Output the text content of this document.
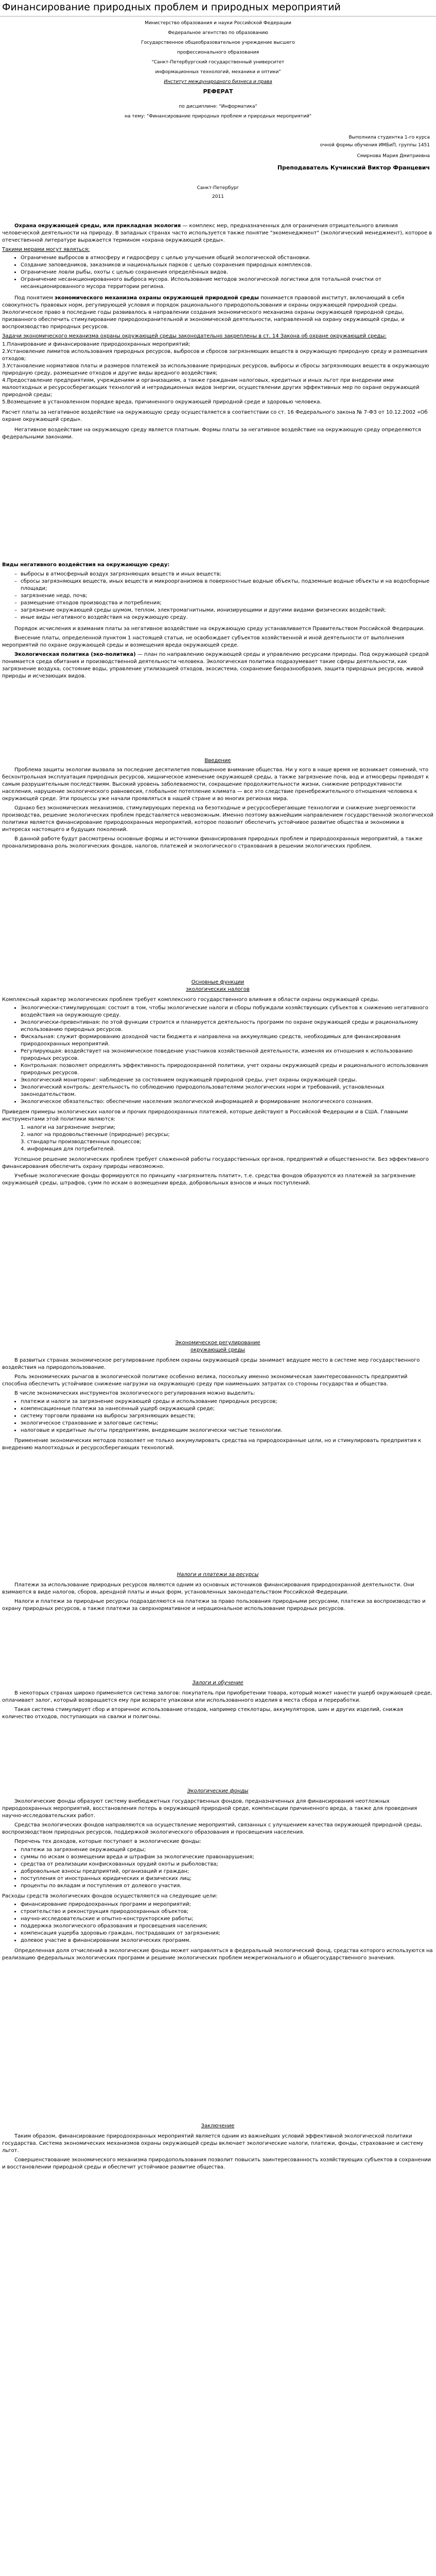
Финансирование природных проблем и природных мероприятий

Министерство образования и науки Российской Федерации

Федеральное агентство по образованию

Государственное общеобразовательное учреждение высшего

профессионального образования

"Санкт-Петербургский государственный университет

информационных технологий, механики и оптики"

Институт международного бизнеса и права

РЕФЕРАТ

по дисциплине: "Информатика"

на тему: "Финансирование природных проблем и природных мероприятий"

Выполнила студентка 1-го курса

очной формы обучения ИМБиП, группы 1451

Смирнова Мария Дмитриевна

Преподаватель Кучинский Виктор Францевич

Санкт-Петербург

2011

Охрана окружающей среды, или прикладная экология — комплекс мер, предназначенных для ограничения отрицательного влияния человеческой деятельности на природу. В западных странах часто используется также понятие "экоменеджмент" (экологический менеджмент), которое в отечественной литературе выражается термином «охрана окружающей среды».

Такими мерами могут являться:

• Ограничение выбросов в атмосферу и гидросферу с целью улучшения общей экологической обстановки.
• Создание заповедников, заказников и национальных парков с целью сохранения природных комплексов.
• Ограничение ловли рыбы, охоты с целью сохранения определённых видов.
• Ограничение несанкционированного выброса мусора. Использование методов экологической логистики для тотальной очистки от несанкционированного мусора территории региона.

Под понятием экономического механизма охраны окружающей природной среды понимается правовой институт, включающий в себя совокупность правовых норм, регулирующей условия и порядок рационального природопользования и охраны окружающей природной среды. Экологическое право в последние годы развивалось в направлении создания экономического механизма охраны окружающей природной среды, призванного обеспечить стимулирование природоохранительной и экономической деятельности, направленной на охрану окружающей среды, и воспроизводство природных ресурсов.

Задачи экономического механизма охраны окружающей среды законодательно закреплены в ст. 14 Закона об охране окружающей среды:

1.Планирование и финансирование природоохранных мероприятий;

2.Установление лимитов использования природных ресурсов, выбросов и сбросов загрязняющих веществ в окружающую природную среду и размещения отходов;

3.Установление нормативов платы и размеров платежей за использование природных ресурсов, выбросы и сбросы загрязняющих веществ в окружающую природную среду, размещение отходов и другие виды вредного воздействия;

4.Предоставление предприятиям, учреждениям и организациям, а также гражданам налоговых, кредитных и иных льгот при внедрении ими малоотходных и ресурсосберегающих технологий и нетрадиционных видов энергии, осуществлении других эффективных мер по охране окружающей природной среды;

5.Возмещение в установленном порядке вреда, причиненного окружающей природной среде и здоровью человека.

Расчет платы за негативное воздействие на окружающую среду осуществляется в соответствии со ст. 16 Федерального закона № 7-ФЗ от 10.12.2002 «Об охране окружающей среды».

Негативное воздействие на окружающую среду является платным. Формы платы за негативное воздействие на окружающую среду определяются федеральными законами.

Виды негативного воздействия на окружающую среду:

– выбросы в атмосферный воздух загрязняющих веществ и иных веществ;
– сбросы загрязняющих веществ, иных веществ и микроорганизмов в поверхностные водные объекты, подземные водные объекты и на водосборные площади;
– загрязнение недр, почв;
– размещение отходов производства и потребления;
– загрязнение окружающей среды шумом, теплом, электромагнитными, ионизирующими и другими видами физических воздействий;
– иные виды негативного воздействия на окружающую среду.

Порядок исчисления и взимания платы за негативное воздействие на окружающую среду устанавливается Правительством Российской Федерации.

Внесение платы, определенной пунктом 1 настоящей статьи, не освобождает субъектов хозяйственной и иной деятельности от выполнения мероприятий по охране окружающей среды и возмещения вреда окружающей среде.

Экологическая политика (эко-политика) — план по направлению окружающей среды и управлению ресурсами природы. Под окружающей средой понимается среда обитания и производственной деятельности человека. Экологическая политика подразумевает такие сферы деятельности, как загрязнение воздуха, состояние воды, управление утилизацией отходов, экосистема, сохранение биоразнообразия, защита природных ресурсов, живой природы и исчезающих видов.

Введение

Проблема защиты экологии вызвала за последние десятилетия повышенное внимание общества. Ни у кого в наше время не возникает сомнений, что бесконтрольная эксплуатация природных ресурсов, хищническое изменение окружающей среды, а также загрязнение почв, вод и атмосферы приводят к самым разрушительным последствиям. Высокий уровень заболеваемости, сокращение продолжительности жизни, снижение репродуктивности населения, нарушение экологического равновесия, глобальное потепление климата — все это следствие пренебрежительного отношения человека к окружающей среде. Эти процессы уже начали проявляться в нашей стране и во многих регионах мира.

Однако без экономических механизмов, стимулирующих переход на безотходные и ресурсосберегающие технологии и снижение энергоемкости производства, решение экологических проблем представляется невозможным. Именно поэтому важнейшим направлением государственной экологической политики является финансирование природоохранных мероприятий, которое позволит обеспечить устойчивое развитие общества и экономики в интересах настоящего и будущих поколений.

В данной работе будут рассмотрены основные формы и источники финансирования природных проблем и природоохранных мероприятий, а также проанализирована роль экологических фондов, налогов, платежей и экологического страхования в решении экологических проблем.

Основные функции

экологических налогов

Комплексный характер экологических проблем требует комплексного государственного влияния в области охраны окружающей среды.

• Экологически-стимулирующая: состоит в том, чтобы экологические налоги и сборы побуждали хозяйствующих субъектов к снижению негативного воздействия на окружающую среду.
• Экологически-превентивная: по этой функции строится и планируется деятельность программ по охране окружающей среды и рациональному использованию природных ресурсов.
• Фискальная: служит формированию доходной части бюджета и направлена на аккумуляцию средств, необходимых для финансирования природоохранных мероприятий.
• Регулирующая: воздействует на экономическое поведение участников хозяйственной деятельности, изменяя их отношения к использованию природных ресурсов.
• Контрольная: позволяет определять эффективность природоохранной политики, учет охраны окружающей среды и рационального использования природных ресурсов.
• Экологический мониторинг: наблюдение за состоянием окружающей природной среды, учет охраны окружающей среды.
• Экологический контроль: деятельность по соблюдению природопользователями экологических норм и требований, установленных законодательством.
• Экологическое обязательство: обеспечение населения экологической информацией и формирование экологического сознания.

Приведем примеры экологических налогов и прочих природоохранных платежей, которые действуют в Российской Федерации и в США. Главными инструментами этой политики являются:

1. налоги на загрязнение энергии;
2. налог на продовольственные (природные) ресурсы;
3. стандарты производственных процессов;
4. информация для потребителей.

Успешное решение экологических проблем требует слаженной работы государственных органов, предприятий и общественности. Без эффективного финансирования обеспечить охрану природы невозможно.

Учебные экологические фонды формируются по принципу «загрязнитель платит», т.е. средства фондов образуются из платежей за загрязнение окружающей среды, штрафов, сумм по искам о возмещении вреда, добровольных взносов и иных поступлений.

Экономическое регулирование

окружающей среды

В развитых странах экономическое регулирование проблем охраны окружающей среды занимает ведущее место в системе мер государственного воздействия на природопользование.

Роль экономических рычагов в экологической политике особенно велика, поскольку именно экономическая заинтересованность предприятий способна обеспечить устойчивое снижение нагрузки на окружающую среду при наименьших затратах со стороны государства и общества.

В числе экономических инструментов экологического регулирования можно выделить:

• платежи и налоги за загрязнение окружающей среды и использование природных ресурсов;
• компенсационные платежи за нанесенный ущерб окружающей среде;
• систему торговли правами на выбросы загрязняющих веществ;
• экологическое страхование и залоговые системы;
• налоговые и кредитные льготы предприятиям, внедряющим экологически чистые технологии.

Применение экономических методов позволяет не только аккумулировать средства на природоохранные цели, но и стимулировать предприятия к внедрению малоотходных и ресурсосберегающих технологий.

Налоги и платежи за ресурсы

Платежи за использование природных ресурсов являются одним из основных источников финансирования природоохранной деятельности. Они взимаются в виде налогов, сборов, арендной платы и иных форм, установленных законодательством Российской Федерации.

Налоги и платежи за природные ресурсы подразделяются на платежи за право пользования природными ресурсами, платежи за воспроизводство и охрану природных ресурсов, а также платежи за сверхнормативное и нерациональное использование природных ресурсов.

Залоги и обучение

В некоторых странах широко применяется система залогов: покупатель при приобретении товара, который может нанести ущерб окружающей среде, оплачивает залог, который возвращается ему при возврате упаковки или использованного изделия в места сбора и переработки.

Такая система стимулирует сбор и вторичное использование отходов, например стеклотары, аккумуляторов, шин и других изделий, снижая количество отходов, поступающих на свалки и полигоны.

Экологические фонды

Экологические фонды образуют систему внебюджетных государственных фондов, предназначенных для финансирования неотложных природоохранных мероприятий, восстановления потерь в окружающей природной среде, компенсации причиненного вреда, а также для проведения научно-исследовательских работ.

Средства экологических фондов направляются на осуществление мероприятий, связанных с улучшением качества окружающей природной среды, воспроизводством природных ресурсов, поддержкой экологического образования и просвещения населения.

Перечень тех доходов, которые поступают в экологические фонды:

• платежи за загрязнение окружающей среды;
• суммы по искам о возмещении вреда и штрафам за экологические правонарушения;
• средства от реализации конфискованных орудий охоты и рыболовства;
• добровольные взносы предприятий, организаций и граждан;
• поступления от иностранных юридических и физических лиц;
• проценты по вкладам и поступления от долевого участия.

Расходы средств экологических фондов осуществляются на следующие цели:

• финансирование природоохранных программ и мероприятий;
• строительство и реконструкция природоохранных объектов;
• научно-исследовательские и опытно-конструкторские работы;
• поддержка экологического образования и просвещения населения;
• компенсация ущерба здоровью граждан, пострадавших от загрязнения;
• долевое участие в финансировании экологических программ.

Определенная доля отчислений в экологические фонды может направляться в федеральный экологический фонд, средства которого используются на реализацию федеральных экологических программ и решение экологических проблем межрегионального и общегосударственного значения.

Заключение

Таким образом, финансирование природоохранных мероприятий является одним из важнейших условий эффективной экологической политики государства. Система экономических механизмов охраны окружающей среды включает экологические налоги, платежи, фонды, страхование и систему льгот.

Совершенствование экономического механизма природопользования позволит повысить заинтересованность хозяйствующих субъектов в сохранении и восстановлении природной среды и обеспечит устойчивое развитие общества.
